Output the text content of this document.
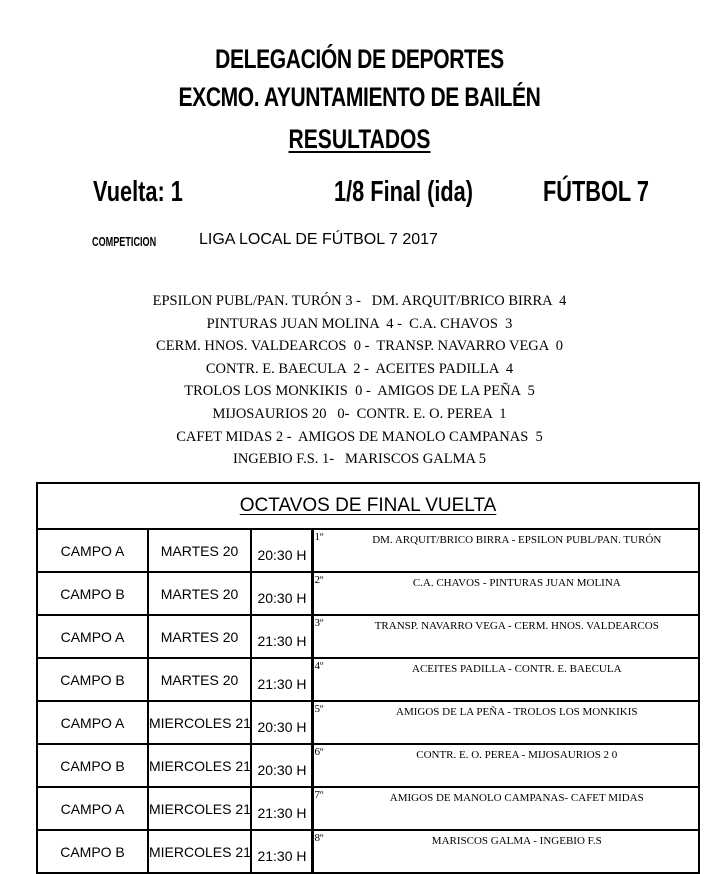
DELEGACIÓN DE DEPORTES
EXCMO. AYUNTAMIENTO DE BAILÉN
RESULTADOS
Vuelta: 1	1/8 Final (ida) FÚTBOL 7
COMPETICION	LIGA LOCAL DE FÚTBOL 7 2017
EPSILON PUBL/PAN. TURÓN 3 -   DM. ARQUIT/BRICO BIRRA  4
PINTURAS JUAN MOLINA  4 -  C.A. CHAVOS  3
CERM. HNOS. VALDEARCOS  0 -  TRANSP. NAVARRO VEGA  0
CONTR. E. BAECULA  2 -  ACEITES PADILLA  4
TROLOS LOS MONKIKIS  0 -  AMIGOS DE LA PEÑA  5
MIJOSAURIOS 20   0-  CONTR. E. O. PEREA  1
CAFET MIDAS 2 -  AMIGOS DE MANOLO CAMPANAS  5
INGEBIO F.S. 1-   MARISCOS GALMA 5
OCTAVOS DE FINAL VUELTA			
CAMPO A	MARTES 20	20:30 H	1º DM. ARQUIT/BRICO BIRRA - EPSILON PUBL/PAN. TURÓN

CAMPO B	MARTES 20	20:30 H	2º C.A. CHAVOS - PINTURAS JUAN MOLINA

CAMPO A	MARTES 20	21:30 H	3º TRANSP. NAVARRO VEGA - CERM. HNOS. VALDEARCOS

CAMPO B	MARTES 20	21:30 H	4º ACEITES PADILLA - CONTR. E. BAECULA

CAMPO A	MIERCOLES 21	20:30 H	5º AMIGOS DE LA PEÑA - TROLOS LOS MONKIKIS

CAMPO B	MIERCOLES 21	20:30 H	6º CONTR. E. O. PEREA - MIJOSAURIOS 2 0

CAMPO A	MIERCOLES 21	21:30 H	7º AMIGOS DE MANOLO CAMPANAS- CAFET MIDAS

CAMPO B	MIERCOLES 21	21:30 H	8º MARISCOS GALMA - INGEBIO F.S
